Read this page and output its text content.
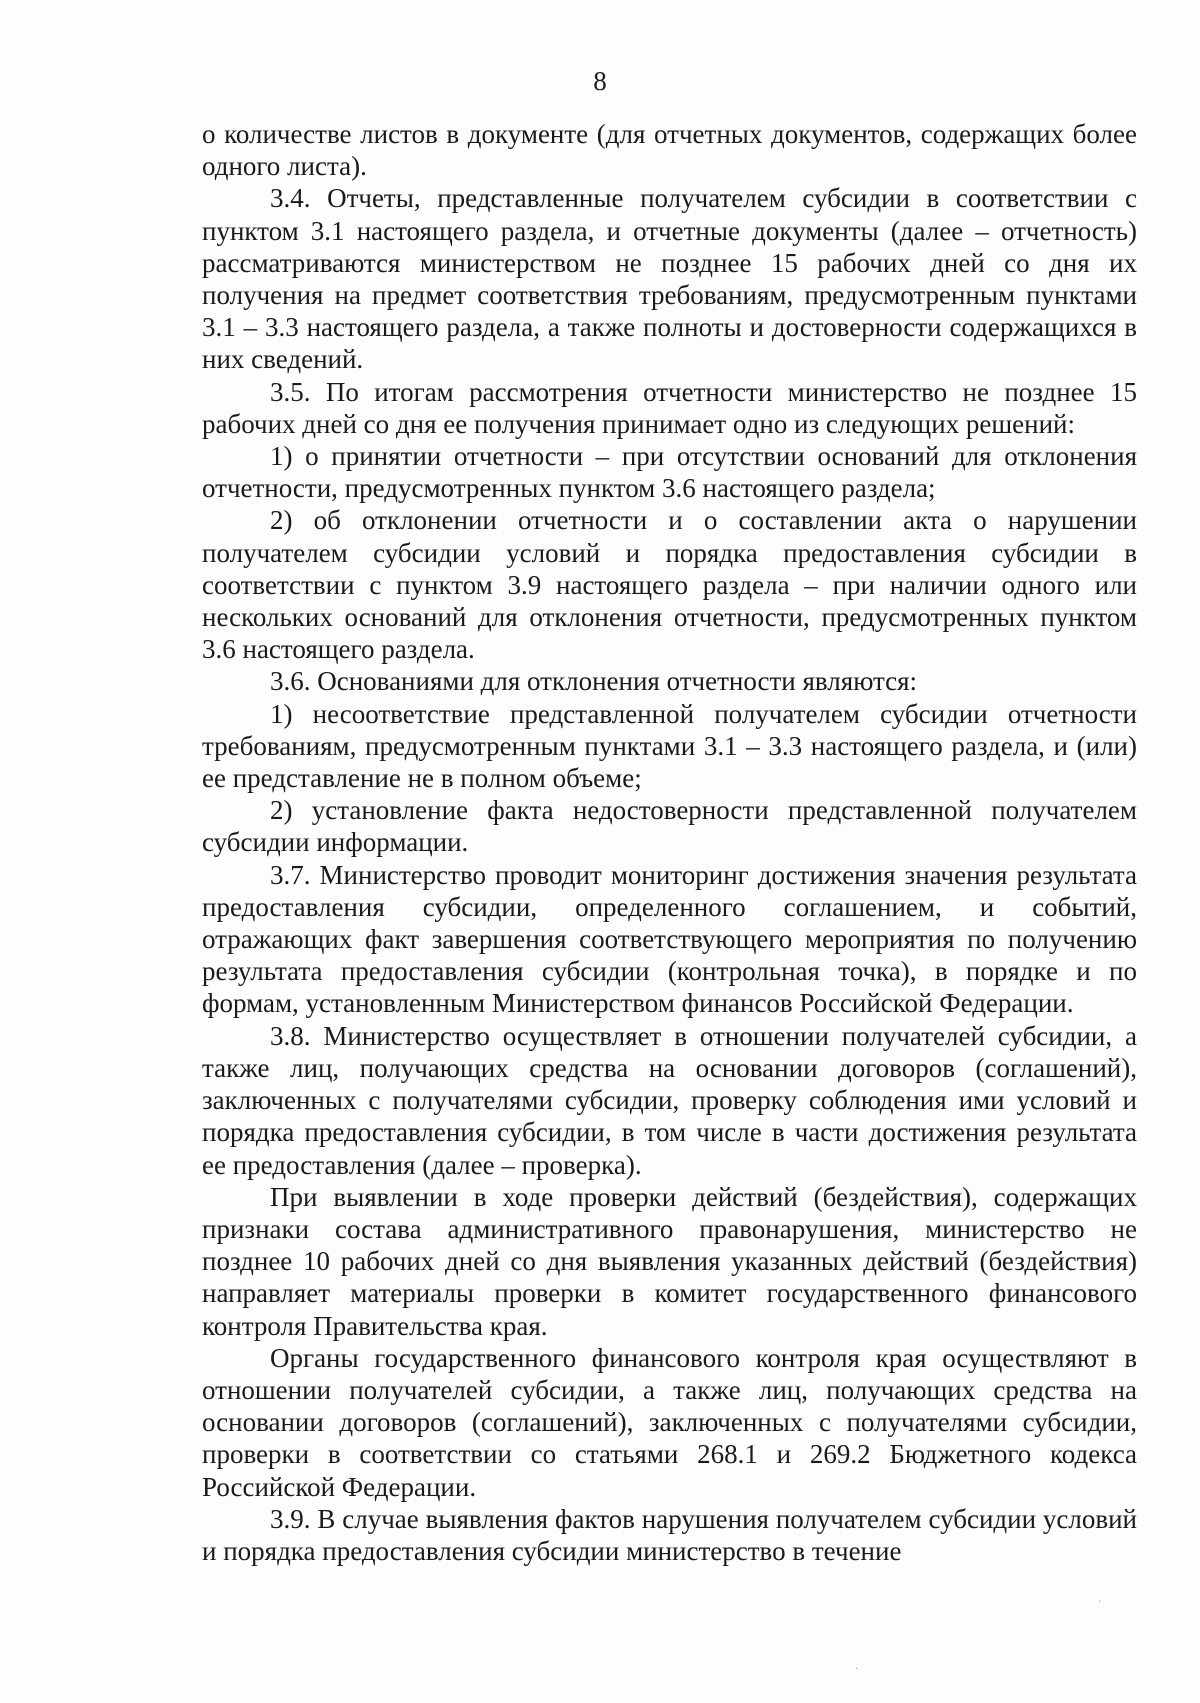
8

о количестве листов в документе (для отчетных документов, содержащих более одного листа).

3.4. Отчеты, представленные получателем субсидии в соответствии с пунктом 3.1 настоящего раздела, и отчетные документы (далее – отчетность) рассматриваются министерством не позднее 15 рабочих дней со дня их получения на предмет соответствия требованиям, предусмотренным пунктами 3.1 – 3.3 настоящего раздела, а также полноты и достоверности содержащихся в них сведений.

3.5. По итогам рассмотрения отчетности министерство не позднее 15 рабочих дней со дня ее получения принимает одно из следующих решений:

1) о принятии отчетности – при отсутствии оснований для отклонения отчетности, предусмотренных пунктом 3.6 настоящего раздела;

2) об отклонении отчетности и о составлении акта о нарушении получателем субсидии условий и порядка предоставления субсидии в соответствии с пунктом 3.9 настоящего раздела – при наличии одного или нескольких оснований для отклонения отчетности, предусмотренных пунктом 3.6 настоящего раздела.

3.6. Основаниями для отклонения отчетности являются:

1) несоответствие представленной получателем субсидии отчетности требованиям, предусмотренным пунктами 3.1 – 3.3 настоящего раздела, и (или) ее представление не в полном объеме;

2) установление факта недостоверности представленной получателем субсидии информации.

3.7. Министерство проводит мониторинг достижения значения результата предоставления субсидии, определенного соглашением, и событий, отражающих факт завершения соответствующего мероприятия по получению результата предоставления субсидии (контрольная точка), в порядке и по формам, установленным Министерством финансов Российской Федерации.

3.8. Министерство осуществляет в отношении получателей субсидии, а также лиц, получающих средства на основании договоров (соглашений), заключенных с получателями субсидии, проверку соблюдения ими условий и порядка предоставления субсидии, в том числе в части достижения результата ее предоставления (далее – проверка).

При выявлении в ходе проверки действий (бездействия), содержащих признаки состава административного правонарушения, министерство не позднее 10 рабочих дней со дня выявления указанных действий (бездействия) направляет материалы проверки в комитет государственного финансового контроля Правительства края.

Органы государственного финансового контроля края осуществляют в отношении получателей субсидии, а также лиц, получающих средства на основании договоров (соглашений), заключенных с получателями субсидии, проверки в соответствии со статьями 268.1 и 269.2 Бюджетного кодекса Российской Федерации.

3.9. В случае выявления фактов нарушения получателем субсидии условий и порядка предоставления субсидии министерство в течение

·
·
